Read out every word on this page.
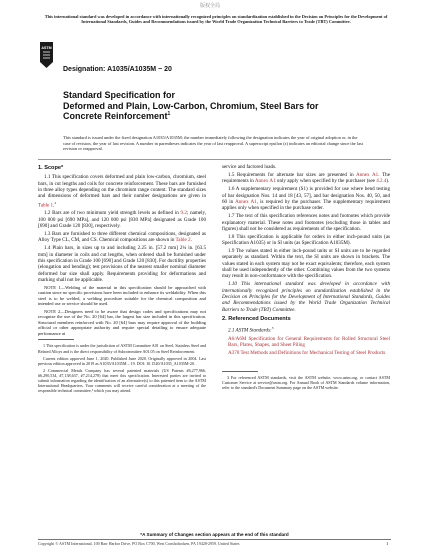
版权全局
This international standard was developed in accordance with internationally recognized principles on standardization established in the Decision on Principles for the Development of International Standards, Guides and Recommendations issued by the World Trade Organization Technical Barriers to Trade (TBT) Committee.
ASTM
Designation: A1035/A1035M − 20
Standard Specification for
Deformed and Plain, Low-Carbon, Chromium, Steel Bars for
Concrete Reinforcement$^1$
This standard is issued under the fixed designation A1035/A1035M; the number immediately following the designation indicates the year of original adoption or, in the case of revision, the year of last revision. A number in parentheses indicates the year of last reapproval. A superscript epsilon (ε) indicates an editorial change since the last revision or reapproval.
1. Scope*

1.1 This specification covers deformed and plain low-carbon, chromium, steel bars, in cut lengths and coils for concrete reinforcement. These bars are furnished in three alloy types depending on the chromium range content. The standard sizes and dimensions of deformed bars and their number designations are given in Table 1.$^2$

1.2 Bars are of two minimum yield strength levels as defined in 9.2; namely, 100 000 psi [690 MPa], and 120 000 psi [830 MPa] designated as Grade 100 [690] and Grade 120 [830], respectively.

1.3 Bars are furnished to three different chemical compositions, designated as Alloy Type CL, CM, and CS. Chemical compositions are shown in Table 2.

1.4 Plain bars, in sizes up to and including 2.25 in. [57.2 mm] 2¼ in. [63.5 mm] in diameter in coils and cut lengths, when ordered shall be furnished under this specification in Grade 100 [690] and Grade 120 [830]. For ductility properties (elongation and bending); test provisions of the nearest smaller nominal diameter deformed bar size shall apply. Requirements providing for deformations and marking shall not be applicable.

NOTE 1—Welding of the material in this specification should be approached with caution since no specific provisions have been included to enhance its weldability. When this steel is to be welded, a welding procedure suitable for the chemical composition and intended use or service should be used.
NOTE 2—Designers need to be aware that design codes and specifications may not recognize the use of the No. 20 [64] bar, the largest bar size included in this specification. Structural members reinforced with No. 20 [64] bars may require approval of the building official or other appropriate authority and require special detailing to ensure adequate performance at
1 This specification is under the jurisdiction of ASTM Committee A01 on Steel, Stainless Steel and Related Alloys and is the direct responsibility of Subcommittee A01.05 on Steel Reinforcement.
Current edition approved June 1, 2020. Published June 2020. Originally approved in 2004. Last previous edition approved in 2019 as A1035/A1035M – 19. DOI: 10.1520/A1035_A1035M-20.
2 Commercial Metals Company has several patented materials (US Patents #6,277,966, #6,290,534, #7,138,637, #7,214,278) that meet this specification. Interested parties are invited to submit information regarding the identification of an alternative(s) to this patented item to the ASTM International Headquarters. Your comments will receive careful consideration at a meeting of the responsible technical committee,¹ which you may attend.

service and factored loads.

1.5 Requirements for alternate bar sizes are presented in Annex A1. The requirements in Annex A1 only apply when specified by the purchaser (see 4.2.4).

1.6 A supplementary requirement (S1) is provided for use where bend testing of bar designation Nos. 14 and 18 [43, 57], and bar designation Nos. 40, 50, and 60 in Annex A1, is required by the purchaser. The supplementary requirement applies only when specified in the purchase order.

1.7 The text of this specification references notes and footnotes which provide explanatory material. These notes and footnotes (excluding those in tables and figures) shall not be considered as requirements of the specification.

1.8 This specification is applicable for orders in either inch-pound units (as Specification A1035) or in SI units (as Specification A1035M).

1.9 The values stated in either inch-pound units or SI units are to be regarded separately as standard. Within the text, the SI units are shown in brackets. The values stated in each system may not be exact equivalents; therefore, each system shall be used independently of the other. Combining values from the two systems may result in non-conformance with the specification.

1.10 This international standard was developed in accordance with internationally recognized principles on standardization established in the Decision on Principles for the Development of International Standards, Guides and Recommendations issued by the World Trade Organization Technical Barriers to Trade (TBT) Committee.

2. Referenced Documents

2.1 ASTM Standards:$^3$

A6/A6M Specification for General Requirements for Rolled Structural Steel Bars, Plates, Shapes, and Sheet Piling

A370 Test Methods and Definitions for Mechanical Testing of Steel Products

3 For referenced ASTM standards, visit the ASTM website, www.astm.org, or contact ASTM Customer Service at service@astm.org. For Annual Book of ASTM Standards volume information, refer to the standard's Document Summary page on the ASTM website.
*A Summary of Changes section appears at the end of this standard
Copyright © ASTM International, 100 Barr Harbor Drive, PO Box C700, West Conshohocken, PA 19428-2959. United States	1
